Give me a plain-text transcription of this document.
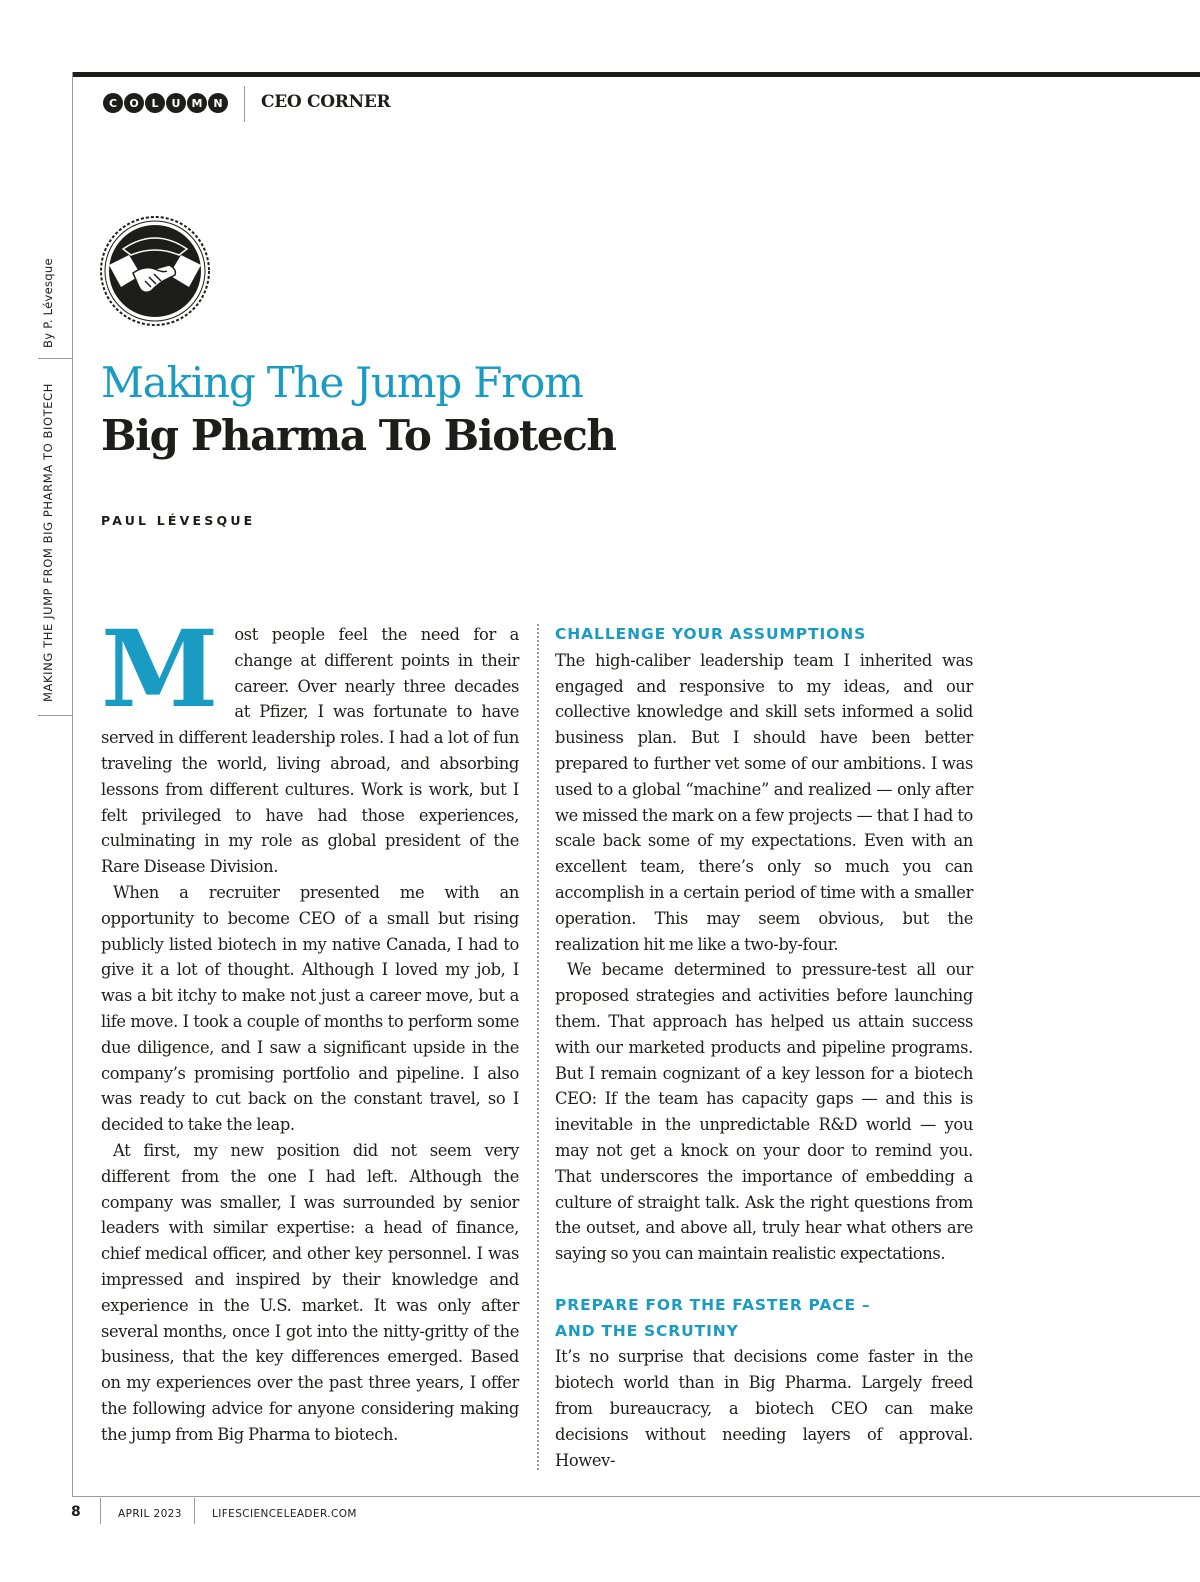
C	O	L	U	M N	CEO CORNER
By P. Lévesque
MAKING THE JUMP FROM BIG PHARMA TO BIOTECH
Making The Jump From
Big Pharma To Biotech
PAUL LÉVESQUE
M ost people feel the need for a change at different points in their career. Over nearly three decades at Pfizer, I was fortunate to have served in different leadership roles. I had a lot of fun traveling the world, living abroad, and absorbing lessons from different cultures. Work is work, but I felt privileged to have had those experiences, culminating in my role as global president of the Rare Disease Division.

When a recruiter presented me with an opportunity to become CEO of a small but rising publicly listed biotech in my native Canada, I had to give it a lot of thought. Although I loved my job, I was a bit itchy to make not just a career move, but a life move. I took a couple of months to perform some due diligence, and I saw a significant upside in the company’s promising portfolio and pipeline. I also was ready to cut back on the constant travel, so I decided to take the leap.

At first, my new position did not seem very different from the one I had left. Although the company was smaller, I was surrounded by senior leaders with similar expertise: a head of finance, chief medical officer, and other key personnel. I was impressed and inspired by their knowledge and experience in the U.S. market. It was only after several months, once I got into the nitty-gritty of the business, that the key differences emerged. Based on my experiences over the past three years, I offer the following advice for anyone considering making the jump from Big Pharma to biotech.

CHALLENGE YOUR ASSUMPTIONS

The high-caliber leadership team I inherited was engaged and responsive to my ideas, and our collective knowledge and skill sets informed a solid business plan. But I should have been better prepared to further vet some of our ambitions. I was used to a global “machine” and realized — only after we missed the mark on a few projects — that I had to scale back some of my expectations. Even with an excellent team, there’s only so much you can accomplish in a certain period of time with a smaller operation. This may seem obvious, but the realization hit me like a two-by-four.

We became determined to pressure-test all our proposed strategies and activities before launching them. That approach has helped us attain success with our marketed products and pipeline programs. But I remain cognizant of a key lesson for a biotech CEO: If the team has capacity gaps — and this is inevitable in the unpredictable R&D world — you may not get a knock on your door to remind you. That underscores the importance of embedding a culture of straight talk. Ask the right questions from the outset, and above all, truly hear what others are saying so you can maintain realistic expectations.

PREPARE FOR THE FASTER PACE –
AND THE SCRUTINY

It’s no surprise that decisions come faster in the biotech world than in Big Pharma. Largely freed from bureaucracy, a biotech CEO can make decisions without needing layers of approval. Howev-

8	APRIL 2023	LIFESCIENCELEADER.COM
